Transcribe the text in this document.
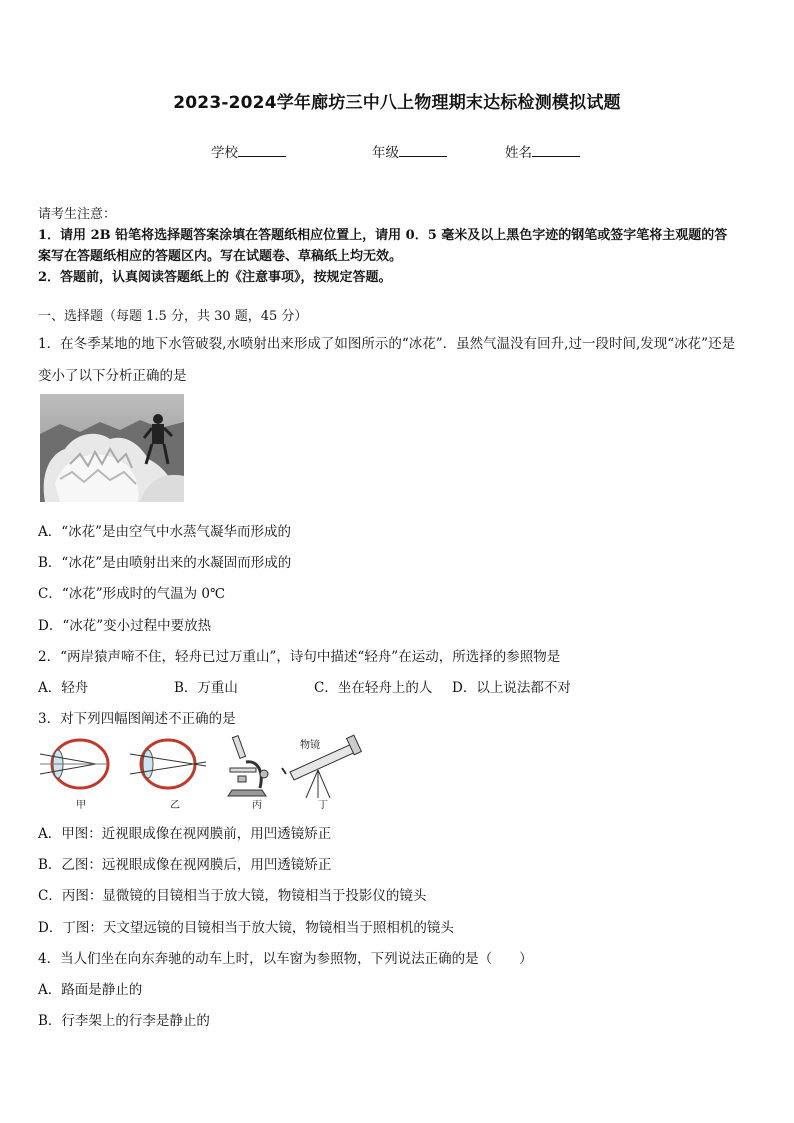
2023-2024学年廊坊三中八上物理期末达标检测模拟试题
学校	年级	姓名
请考生注意：
1．请用 2B 铅笔将选择题答案涂填在答题纸相应位置上，请用 0．5 毫米及以上黑色字迹的钢笔或签字笔将主观题的答
案写在答题纸相应的答题区内。写在试题卷、草稿纸上均无效。
2．答题前，认真阅读答题纸上的《注意事项》，按规定答题。
一、选择题（每题 1.5 分，共 30 题，45 分）
1．在冬季某地的地下水管破裂,水喷射出来形成了如图所示的“冰花”．虽然气温没有回升,过一段时间,发现“冰花”还是
变小了以下分析正确的是
A．“冰花”是由空气中水蒸气凝华而形成的
B．“冰花”是由喷射出来的水凝固而形成的
C．“冰花”形成时的气温为 0℃
D．“冰花”变小过程中要放热
2．“两岸猿声啼不住，轻舟已过万重山”，诗句中描述“轻舟”在运动，所选择的参照物是
A．轻舟	B．万重山	C．坐在轻舟上的人 D．以上说法都不对
3．对下列四幅图阐述不正确的是
物镜
甲	乙	丙	丁
A．甲图：近视眼成像在视网膜前，用凹透镜矫正
B．乙图：远视眼成像在视网膜后，用凹透镜矫正
C．丙图：显微镜的目镜相当于放大镜，物镜相当于投影仪的镜头
D．丁图：天文望远镜的目镜相当于放大镜，物镜相当于照相机的镜头
4．当人们坐在向东奔驰的动车上时，以车窗为参照物，下列说法正确的是（　　）
A．路面是静止的
B．行李架上的行李是静止的
